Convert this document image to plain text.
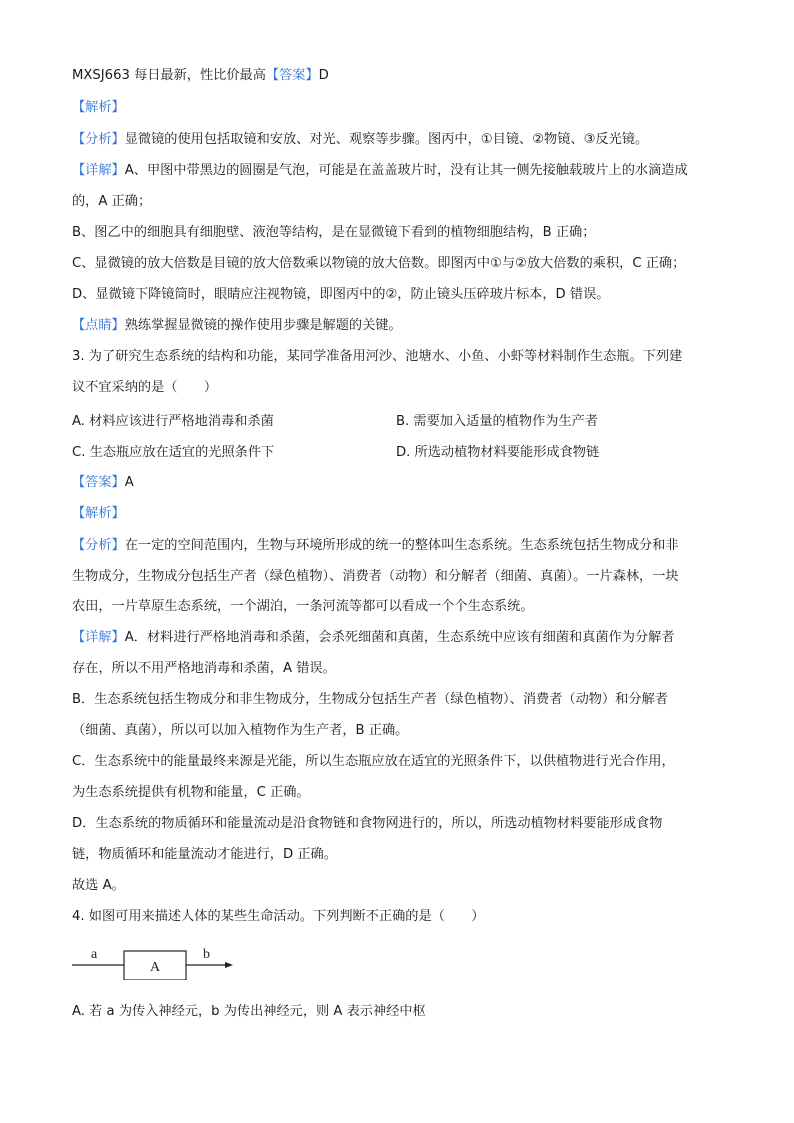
MXSJ663 每日最新，性比价最高【答案】D
【解析】
【分析】显微镜的使用包括取镜和安放、对光、观察等步骤。图丙中，①目镜、②物镜、③反光镜。
【详解】A、甲图中带黑边的圆圈是气泡，可能是在盖盖玻片时，没有让其一侧先接触载玻片上的水滴造成
的，A 正确；
B、图乙中的细胞具有细胞壁、液泡等结构，是在显微镜下看到的植物细胞结构，B 正确；
C、显微镜的放大倍数是目镜的放大倍数乘以物镜的放大倍数。即图丙中①与②放大倍数的乘积，C 正确；
D、显微镜下降镜筒时，眼睛应注视物镜，即图丙中的②，防止镜头压碎玻片标本，D 错误。
【点睛】熟练掌握显微镜的操作使用步骤是解题的关键。
3. 为了研究生态系统的结构和功能，某同学准备用河沙、池塘水、小鱼、小虾等材料制作生态瓶。下列建
议不宜采纳的是（　　）
A. 材料应该进行严格地消毒和杀菌	B. 需要加入适量的植物作为生产者
C. 生态瓶应放在适宜的光照条件下	D. 所选动植物材料要能形成食物链
【答案】A
【解析】
【分析】在一定的空间范围内，生物与环境所形成的统一的整体叫生态系统。生态系统包括生物成分和非
生物成分，生物成分包括生产者（绿色植物）、消费者（动物）和分解者（细菌、真菌）。一片森林，一块
农田，一片草原生态系统，一个湖泊，一条河流等都可以看成一个个生态系统。
【详解】A．材料进行严格地消毒和杀菌，会杀死细菌和真菌，生态系统中应该有细菌和真菌作为分解者
存在，所以不用严格地消毒和杀菌，A 错误。
B．生态系统包括生物成分和非生物成分，生物成分包括生产者（绿色植物）、消费者（动物）和分解者
（细菌、真菌），所以可以加入植物作为生产者，B 正确。
C．生态系统中的能量最终来源是光能，所以生态瓶应放在适宜的光照条件下，以供植物进行光合作用，
为生态系统提供有机物和能量，C 正确。
D．生态系统的物质循环和能量流动是沿食物链和食物网进行的，所以，所选动植物材料要能形成食物
链，物质循环和能量流动才能进行，D 正确。
故选 A。
4. 如图可用来描述人体的某些生命活动。下列判断不正确的是（　　）
a
A
b
A. 若 a 为传入神经元，b 为传出神经元，则 A 表示神经中枢
